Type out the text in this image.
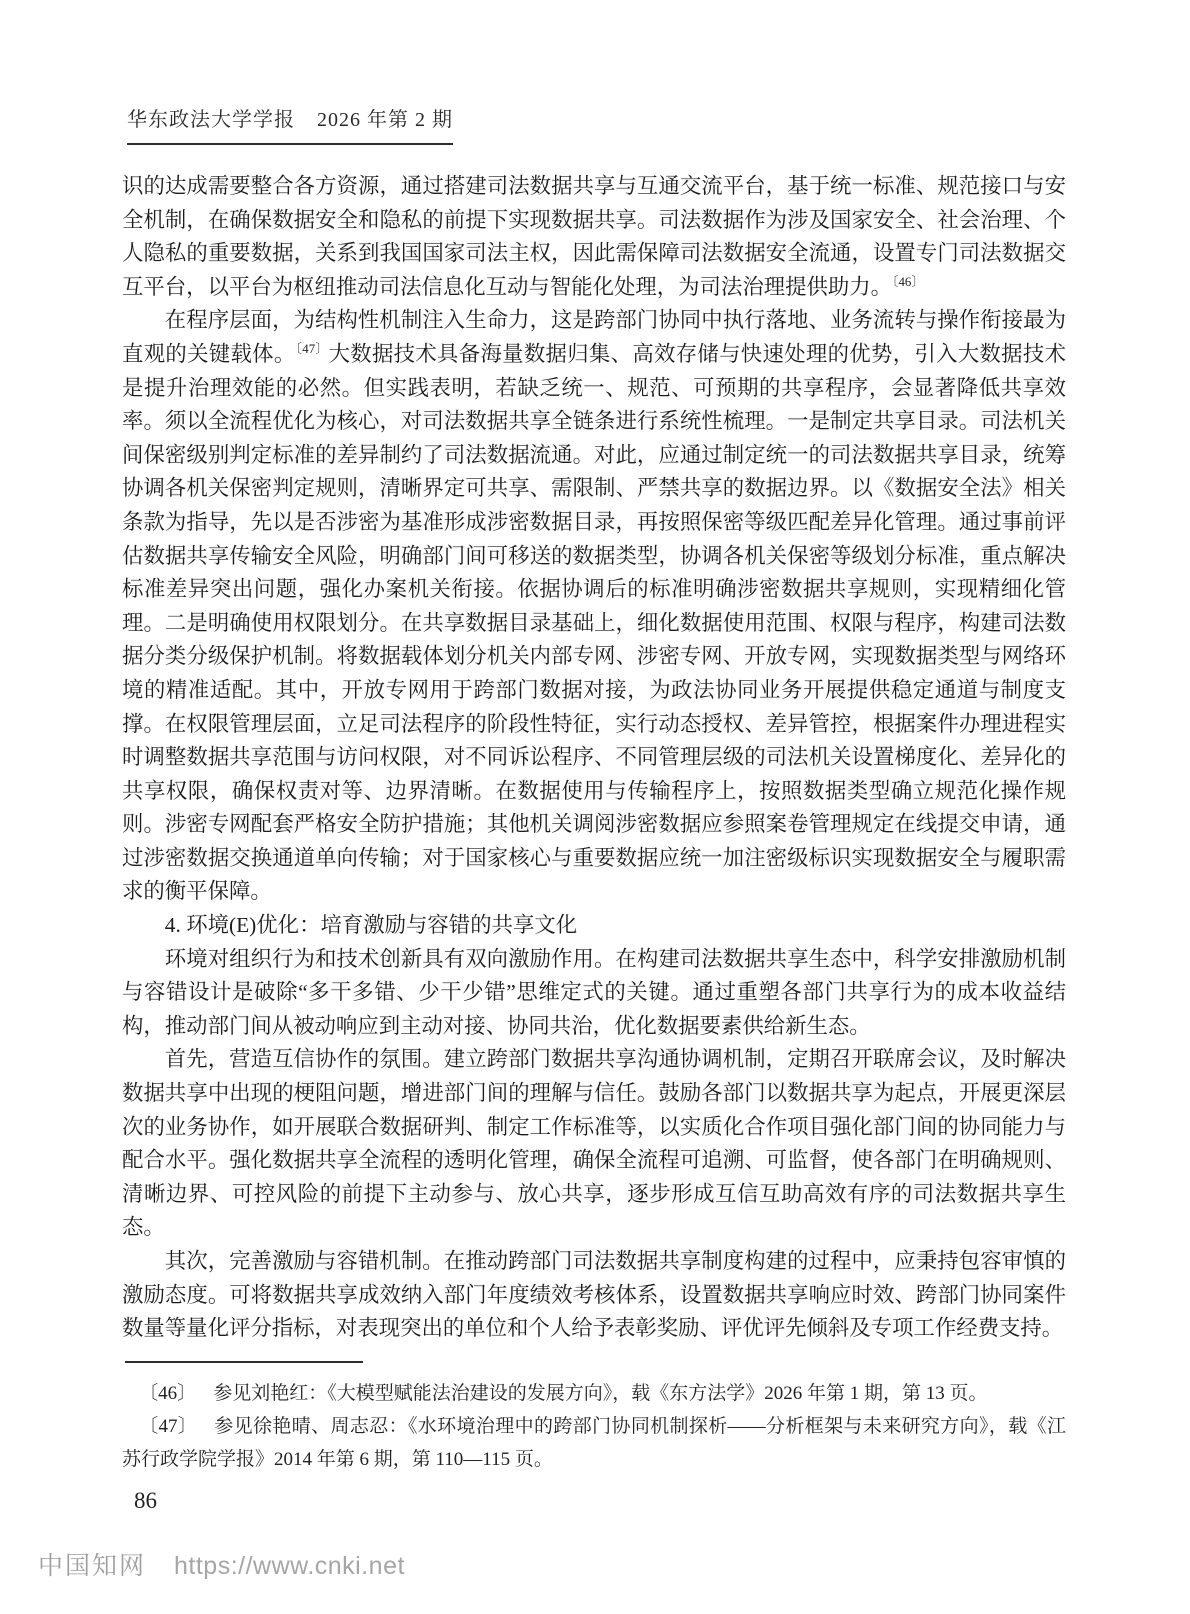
华东政法大学学报 2026 年第 2 期

识的达成需要整合各方资源，通过搭建司法数据共享与互通交流平台，基于统一标准、规范接口与安全机制，在确保数据安全和隐私的前提下实现数据共享。司法数据作为涉及国家安全、社会治理、个人隐私的重要数据，关系到我国国家司法主权，因此需保障司法数据安全流通，设置专门司法数据交互平台，以平台为枢纽推动司法信息化互动与智能化处理，为司法治理提供助力。$^{〔46〕}$

在程序层面，为结构性机制注入生命力，这是跨部门协同中执行落地、业务流转与操作衔接最为直观的关键载体。$^{〔47〕}$大数据技术具备海量数据归集、高效存储与快速处理的优势，引入大数据技术是提升治理效能的必然。但实践表明，若缺乏统一、规范、可预期的共享程序，会显著降低共享效率。须以全流程优化为核心，对司法数据共享全链条进行系统性梳理。一是制定共享目录。司法机关间保密级别判定标准的差异制约了司法数据流通。对此，应通过制定统一的司法数据共享目录，统筹协调各机关保密判定规则，清晰界定可共享、需限制、严禁共享的数据边界。以《数据安全法》相关条款为指导，先以是否涉密为基准形成涉密数据目录，再按照保密等级匹配差异化管理。通过事前评估数据共享传输安全风险，明确部门间可移送的数据类型，协调各机关保密等级划分标准，重点解决标准差异突出问题，强化办案机关衔接。依据协调后的标准明确涉密数据共享规则，实现精细化管理。二是明确使用权限划分。在共享数据目录基础上，细化数据使用范围、权限与程序，构建司法数据分类分级保护机制。将数据载体划分机关内部专网、涉密专网、开放专网，实现数据类型与网络环境的精准适配。其中，开放专网用于跨部门数据对接，为政法协同业务开展提供稳定通道与制度支撑。在权限管理层面，立足司法程序的阶段性特征，实行动态授权、差异管控，根据案件办理进程实时调整数据共享范围与访问权限，对不同诉讼程序、不同管理层级的司法机关设置梯度化、差异化的共享权限，确保权责对等、边界清晰。在数据使用与传输程序上，按照数据类型确立规范化操作规则。涉密专网配套严格安全防护措施；其他机关调阅涉密数据应参照案卷管理规定在线提交申请，通过涉密数据交换通道单向传输；对于国家核心与重要数据应统一加注密级标识实现数据安全与履职需求的衡平保障。

4. 环境(E)优化：培育激励与容错的共享文化

环境对组织行为和技术创新具有双向激励作用。在构建司法数据共享生态中，科学安排激励机制与容错设计是破除“多干多错、少干少错”思维定式的关键。通过重塑各部门共享行为的成本收益结构，推动部门间从被动响应到主动对接、协同共治，优化数据要素供给新生态。

首先，营造互信协作的氛围。建立跨部门数据共享沟通协调机制，定期召开联席会议，及时解决数据共享中出现的梗阻问题，增进部门间的理解与信任。鼓励各部门以数据共享为起点，开展更深层次的业务协作，如开展联合数据研判、制定工作标准等，以实质化合作项目强化部门间的协同能力与配合水平。强化数据共享全流程的透明化管理，确保全流程可追溯、可监督，使各部门在明确规则、清晰边界、可控风险的前提下主动参与、放心共享，逐步形成互信互助高效有序的司法数据共享生态。

其次，完善激励与容错机制。在推动跨部门司法数据共享制度构建的过程中，应秉持包容审慎的激励态度。可将数据共享成效纳入部门年度绩效考核体系，设置数据共享响应时效、跨部门协同案件数量等量化评分指标，对表现突出的单位和个人给予表彰奖励、评优评先倾斜及专项工作经费支持。

〔46〕 参见刘艳红：《大模型赋能法治建设的发展方向》，载《东方法学》2026 年第 1 期，第 13 页。

〔47〕 参见徐艳晴、周志忍：《水环境治理中的跨部门协同机制探析——分析框架与未来研究方向》，载《江苏行政学院学报》2014 年第 6 期，第 110—115 页。

86
中国知网 https://www.cnki.net
